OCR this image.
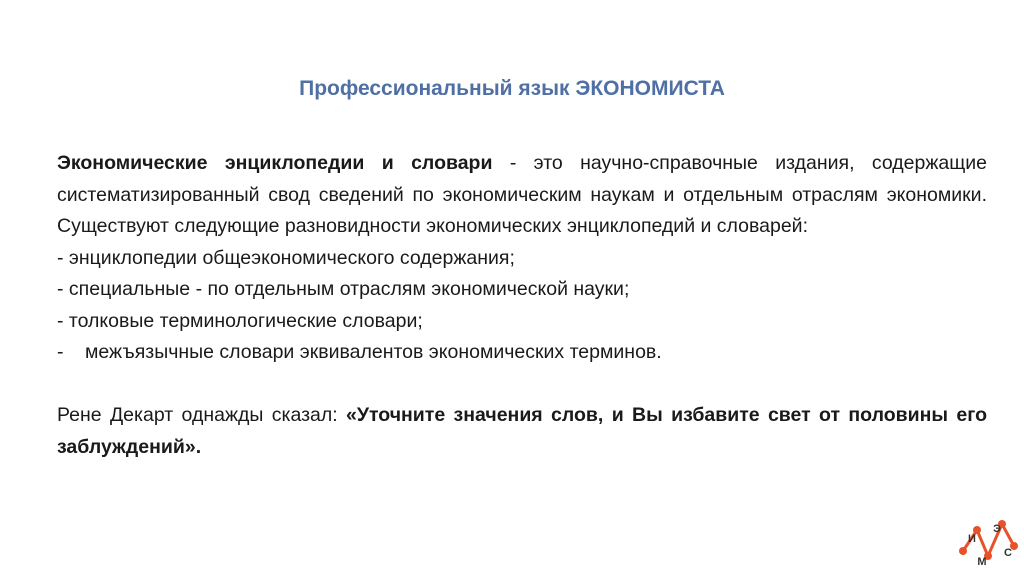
Профессиональный язык ЭКОНОМИСТА

Экономические энциклопедии и словари - это научно-справочные издания, содержащие систематизированный свод сведений по экономическим наукам и отдельным отраслям экономики. Существуют следующие разновидности экономических энциклопедий и словарей:

- энциклопедии общеэкономического содержания;

- специальные - по отдельным отраслям экономической науки;

- толковые терминологические словари;

- межъязычные словари эквивалентов экономических терминов.

Рене Декарт однажды сказал: «Уточните значения слов, и Вы избавите свет от половины его заблуждений».

И
М
Э
С
